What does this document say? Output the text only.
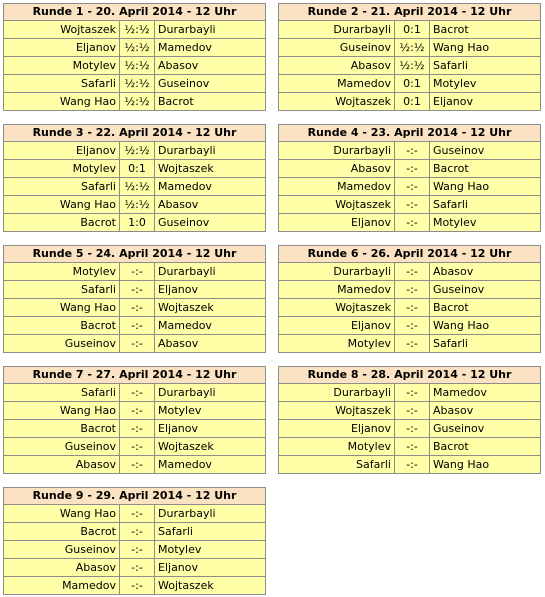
Runde 1 - 20. April 2014 - 12 Uhr		
Wojtaszek	½:½	Durarbayli
Eljanov	½:½	Mamedov
Motylev	½:½	Abasov
Safarli	½:½	Guseinov
Wang Hao	½:½	Bacrot
Runde 2 - 21. April 2014 - 12 Uhr		
Durarbayli	0:1	Bacrot
Guseinov	½:½	Wang Hao
Abasov	½:½	Safarli
Mamedov	0:1	Motylev
Wojtaszek	0:1	Eljanov
Runde 3 - 22. April 2014 - 12 Uhr		
Eljanov	½:½	Durarbayli
Motylev	0:1	Wojtaszek
Safarli	½:½	Mamedov
Wang Hao	½:½	Abasov
Bacrot	1:0	Guseinov
Runde 4 - 23. April 2014 - 12 Uhr		
Durarbayli	-:-	Guseinov
Abasov	-:-	Bacrot
Mamedov	-:-	Wang Hao
Wojtaszek	-:-	Safarli
Eljanov	-:-	Motylev
Runde 5 - 24. April 2014 - 12 Uhr		
Motylev	-:-	Durarbayli
Safarli	-:-	Eljanov
Wang Hao	-:-	Wojtaszek
Bacrot	-:-	Mamedov
Guseinov	-:-	Abasov
Runde 6 - 26. April 2014 - 12 Uhr		
Durarbayli	-:-	Abasov
Mamedov	-:-	Guseinov
Wojtaszek	-:-	Bacrot
Eljanov	-:-	Wang Hao
Motylev	-:-	Safarli
Runde 7 - 27. April 2014 - 12 Uhr		
Safarli	-:-	Durarbayli
Wang Hao	-:-	Motylev
Bacrot	-:-	Eljanov
Guseinov	-:-	Wojtaszek
Abasov	-:-	Mamedov
Runde 8 - 28. April 2014 - 12 Uhr		
Durarbayli	-:-	Mamedov
Wojtaszek	-:-	Abasov
Eljanov	-:-	Guseinov
Motylev	-:-	Bacrot
Safarli	-:-	Wang Hao
Runde 9 - 29. April 2014 - 12 Uhr		
Wang Hao	-:-	Durarbayli
Bacrot	-:-	Safarli
Guseinov	-:-	Motylev
Abasov	-:-	Eljanov
Mamedov	-:-	Wojtaszek
